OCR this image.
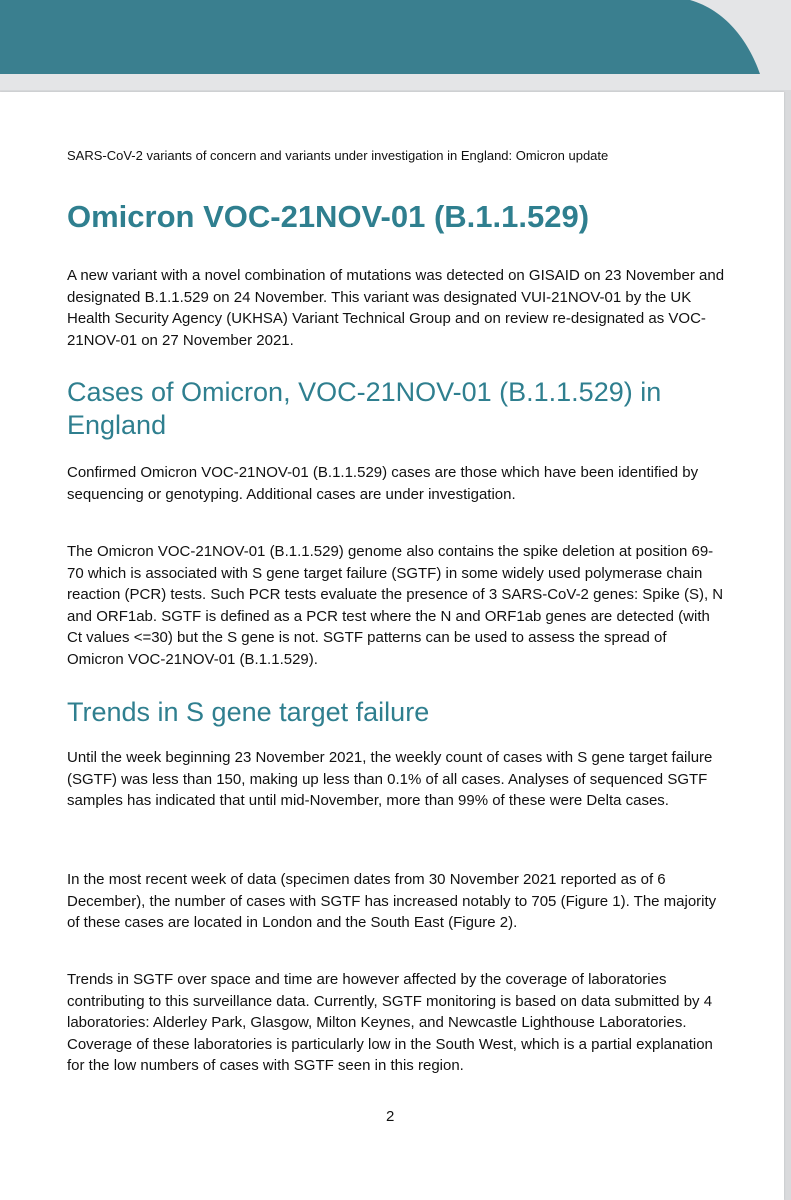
SARS-CoV-2 variants of concern and variants under investigation in England: Omicron update
Omicron VOC-21NOV-01 (B.1.1.529)

A new variant with a novel combination of mutations was detected on GISAID on 23 November and designated B.1.1.529 on 24 November. This variant was designated VUI-21NOV-01 by the UK Health Security Agency (UKHSA) Variant Technical Group and on review re-designated as VOC-21NOV-01 on 27 November 2021.

Cases of Omicron, VOC-21NOV-01 (B.1.1.529) in England

Confirmed Omicron VOC-21NOV-01 (B.1.1.529) cases are those which have been identified by sequencing or genotyping. Additional cases are under investigation.

The Omicron VOC-21NOV-01 (B.1.1.529) genome also contains the spike deletion at position 69-70 which is associated with S gene target failure (SGTF) in some widely used polymerase chain reaction (PCR) tests. Such PCR tests evaluate the presence of 3 SARS-CoV-2 genes: Spike (S), N and ORF1ab. SGTF is defined as a PCR test where the N and ORF1ab genes are detected (with Ct values <=30) but the S gene is not. SGTF patterns can be used to assess the spread of Omicron VOC-21NOV-01 (B.1.1.529).

Trends in S gene target failure

Until the week beginning 23 November 2021, the weekly count of cases with S gene target failure (SGTF) was less than 150, making up less than 0.1% of all cases. Analyses of sequenced SGTF samples has indicated that until mid-November, more than 99% of these were Delta cases.

In the most recent week of data (specimen dates from 30 November 2021 reported as of 6 December), the number of cases with SGTF has increased notably to 705 (Figure 1). The majority of these cases are located in London and the South East (Figure 2).

Trends in SGTF over space and time are however affected by the coverage of laboratories contributing to this surveillance data. Currently, SGTF monitoring is based on data submitted by 4 laboratories: Alderley Park, Glasgow, Milton Keynes, and Newcastle Lighthouse Laboratories. Coverage of these laboratories is particularly low in the South West, which is a partial explanation for the low numbers of cases with SGTF seen in this region.

2
